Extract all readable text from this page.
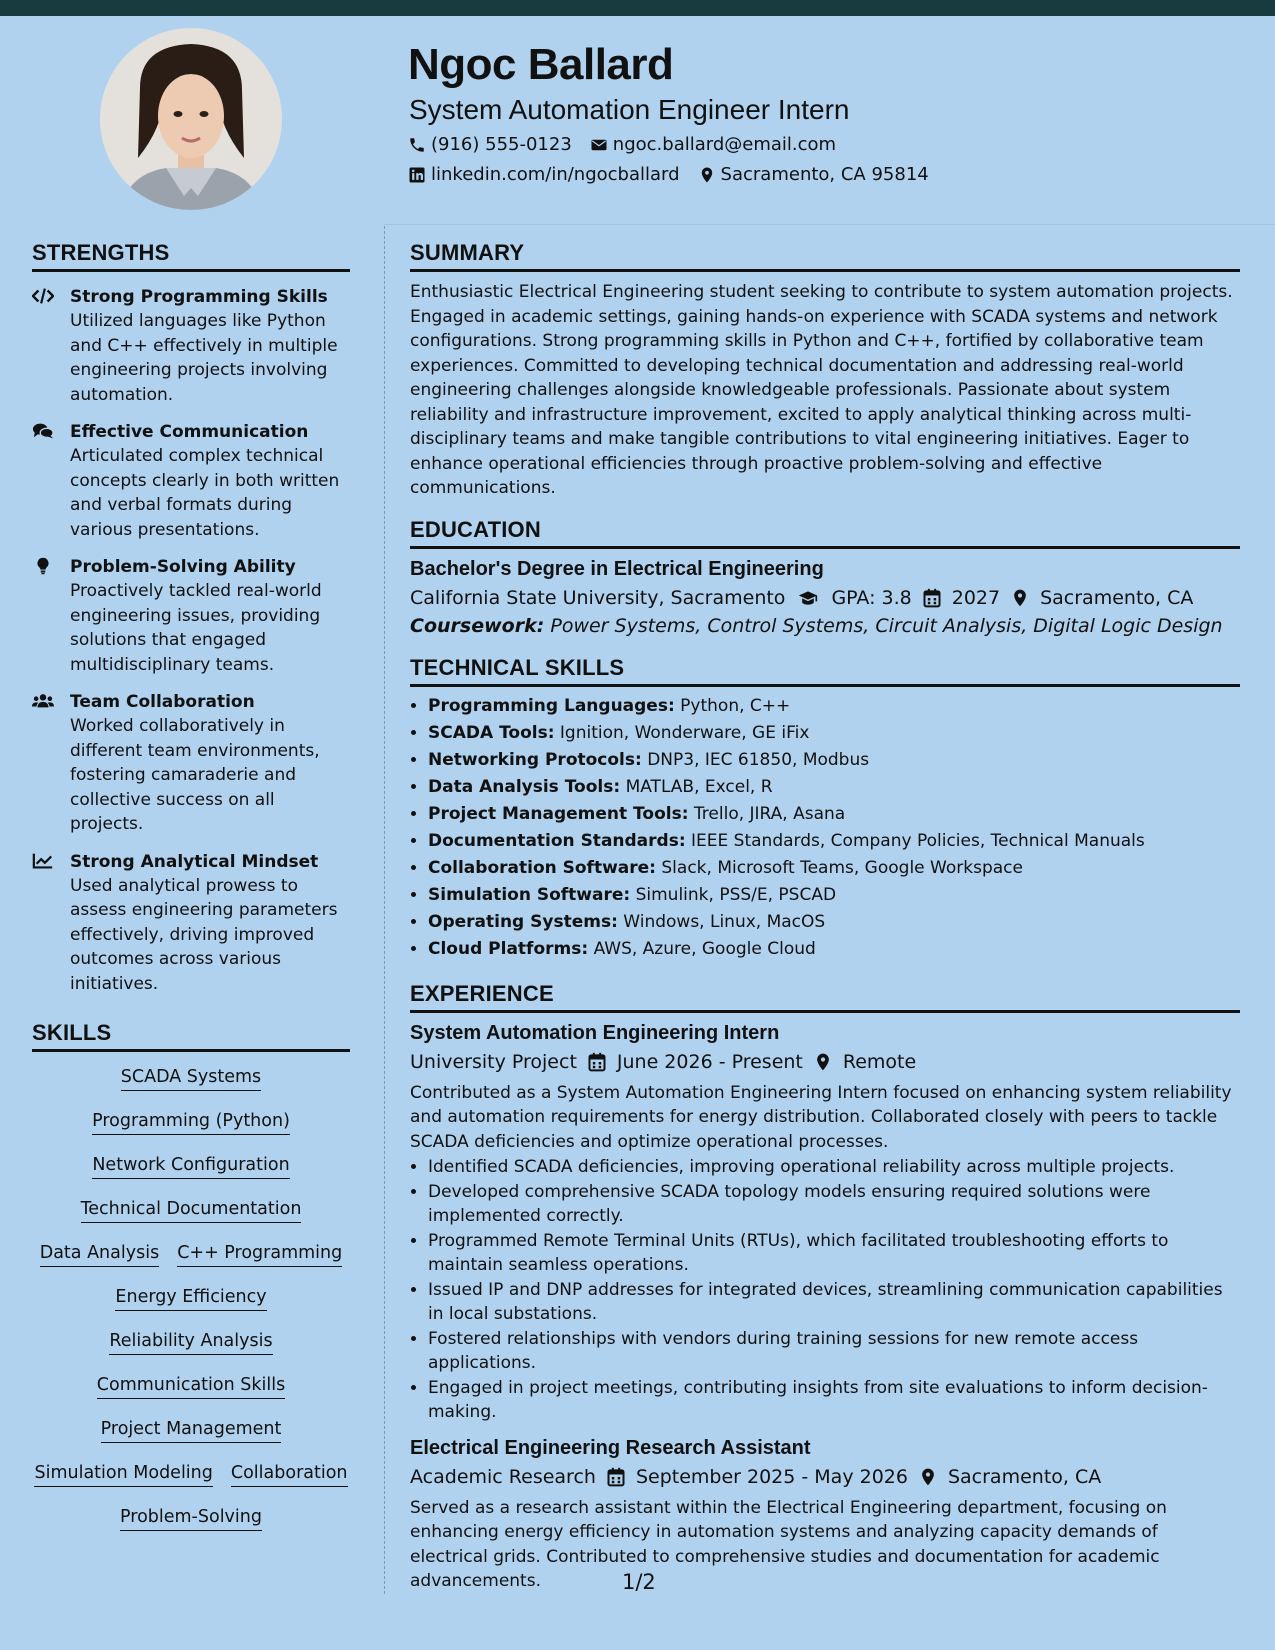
Ngoc Ballard
System Automation Engineer Intern
(916) 555-0123 ngoc.ballard@email.com
linkedin.com/in/ngocballard Sacramento, CA 95814
STRENGTHS
Strong Programming Skills
Utilized languages like Python and C++ effectively in multiple engineering projects involving automation.
Effective Communication
Articulated complex technical concepts clearly in both written and verbal formats during various presentations.
Problem-Solving Ability
Proactively tackled real-world engineering issues, providing solutions that engaged multidisciplinary teams.
Team Collaboration
Worked collaboratively in different team environments, fostering camaraderie and collective success on all projects.
Strong Analytical Mindset
Used analytical prowess to assess engineering parameters effectively, driving improved outcomes across various initiatives.
SKILLS
SCADA Systems
Programming (Python)
Network Configuration
Technical Documentation
Data Analysis C++ Programming
Energy Efficiency
Reliability Analysis
Communication Skills
Project Management
Simulation Modeling Collaboration
Problem-Solving
SUMMARY

Enthusiastic Electrical Engineering student seeking to contribute to system automation projects. Engaged in academic settings, gaining hands-on experience with SCADA systems and network configurations. Strong programming skills in Python and C++, fortified by collaborative team experiences. Committed to developing technical documentation and addressing real-world engineering challenges alongside knowledgeable professionals. Passionate about system reliability and infrastructure improvement, excited to apply analytical thinking across multi-disciplinary teams and make tangible contributions to vital engineering initiatives. Eager to enhance operational efficiencies through proactive problem-solving and effective communications.

EDUCATION
Bachelor's Degree in Electrical Engineering
California State University, Sacramento GPA: 3.8 2027 Sacramento, CA
Coursework: Power Systems, Control Systems, Circuit Analysis, Digital Logic Design
TECHNICAL SKILLS
• Programming Languages: Python, C++
• SCADA Tools: Ignition, Wonderware, GE iFix
• Networking Protocols: DNP3, IEC 61850, Modbus
• Data Analysis Tools: MATLAB, Excel, R
• Project Management Tools: Trello, JIRA, Asana
• Documentation Standards: IEEE Standards, Company Policies, Technical Manuals
• Collaboration Software: Slack, Microsoft Teams, Google Workspace
• Simulation Software: Simulink, PSS/E, PSCAD
• Operating Systems: Windows, Linux, MacOS
• Cloud Platforms: AWS, Azure, Google Cloud
EXPERIENCE
System Automation Engineering Intern
University Project June 2026 - Present Remote

Contributed as a System Automation Engineering Intern focused on enhancing system reliability and automation requirements for energy distribution. Collaborated closely with peers to tackle SCADA deficiencies and optimize operational processes.

• Identified SCADA deficiencies, improving operational reliability across multiple projects.
• Developed comprehensive SCADA topology models ensuring required solutions were implemented correctly.
• Programmed Remote Terminal Units (RTUs), which facilitated troubleshooting efforts to maintain seamless operations.
• Issued IP and DNP addresses for integrated devices, streamlining communication capabilities in local substations.
• Fostered relationships with vendors during training sessions for new remote access applications.
• Engaged in project meetings, contributing insights from site evaluations to inform decision-making.
Electrical Engineering Research Assistant
Academic Research September 2025 - May 2026 Sacramento, CA

Served as a research assistant within the Electrical Engineering department, focusing on enhancing energy efficiency in automation systems and analyzing capacity demands of electrical grids. Contributed to comprehensive studies and documentation for academic advancements.	1/2
